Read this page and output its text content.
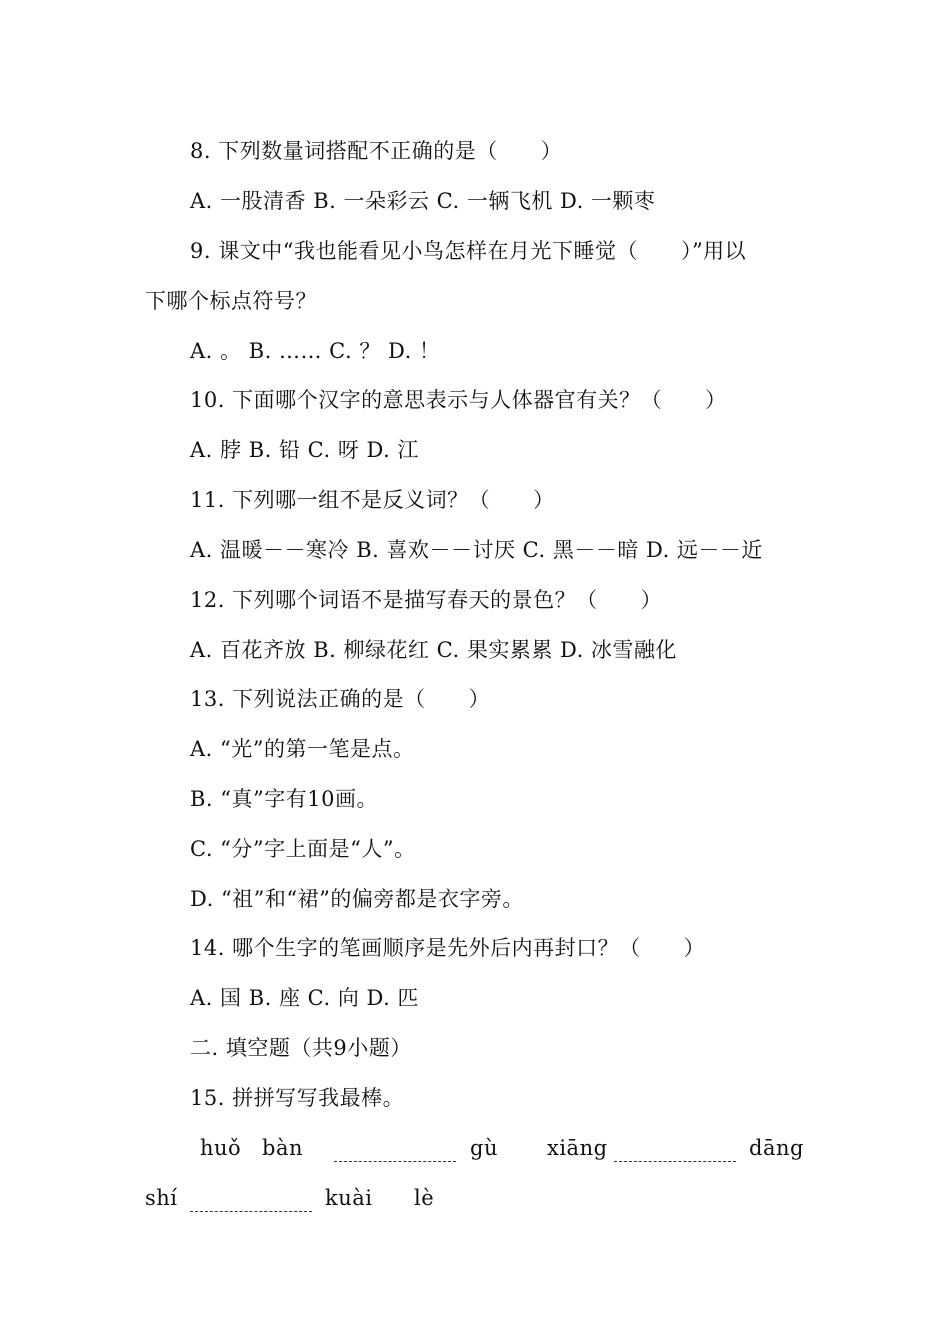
8. 下列数量词搭配不正确的是（　　）
A. 一股清香 B. 一朵彩云 C. 一辆飞机 D. 一颗枣
9. 课文中“我也能看见小鸟怎样在月光下睡觉（　　）”用以
下哪个标点符号？
A. 。 B. …… C. ？ D. ！
10. 下面哪个汉字的意思表示与人体器官有关？（　　）
A. 脖 B. 铅 C. 呀 D. 江
11. 下列哪一组不是反义词？（　　）
A. 温暖－－寒冷 B. 喜欢－－讨厌 C. 黑－－暗 D. 远－－近
12. 下列哪个词语不是描写春天的景色？（　　）
A. 百花齐放 B. 柳绿花红 C. 果实累累 D. 冰雪融化
13. 下列说法正确的是（　　）
A. “光”的第一笔是点。
B. “真”字有10画。
C. “分”字上面是“人”。
D. “祖”和“裙”的偏旁都是衣字旁。
14. 哪个生字的笔画顺序是先外后内再封口？（　　）
A. 国 B. 座 C. 向 D. 匹
二. 填空题（共9小题）
15. 拼拼写写我最棒。
huǒ bàn	gù xiāng	dāng
shí	kuài lè
